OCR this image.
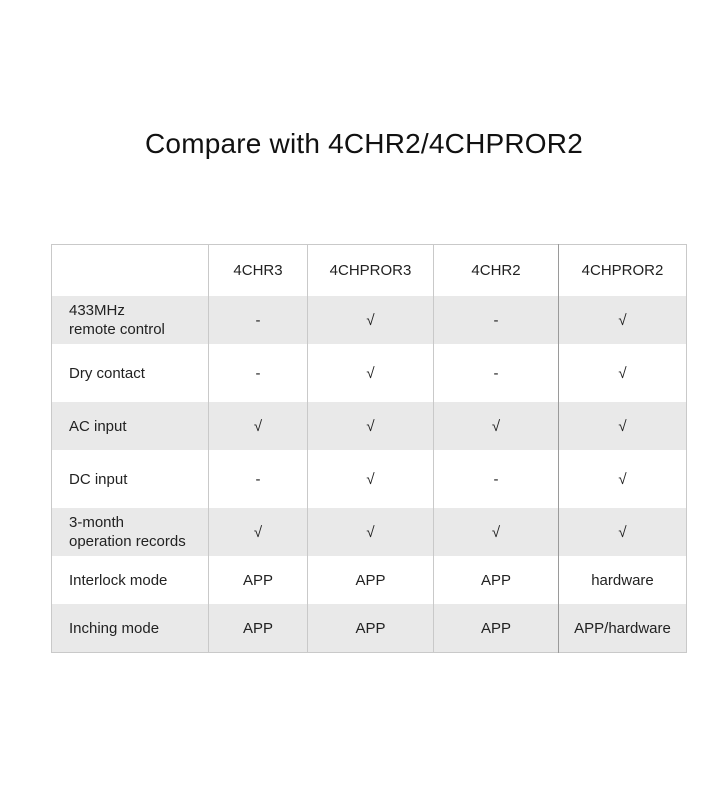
Compare with 4CHR2/4CHPROR2
	4CHR3	4CHPROR3	4CHR2	4CHPROR2

433MHz
remote control	-	√	-	√

Dry contact	-	√	-	√

AC input	√	√	√	√

DC input	-	√	-	√

3-month
operation records	√	√	√	√

Interlock mode	APP	APP	APP	hardware

Inching mode	APP	APP	APP	APP/hardware
